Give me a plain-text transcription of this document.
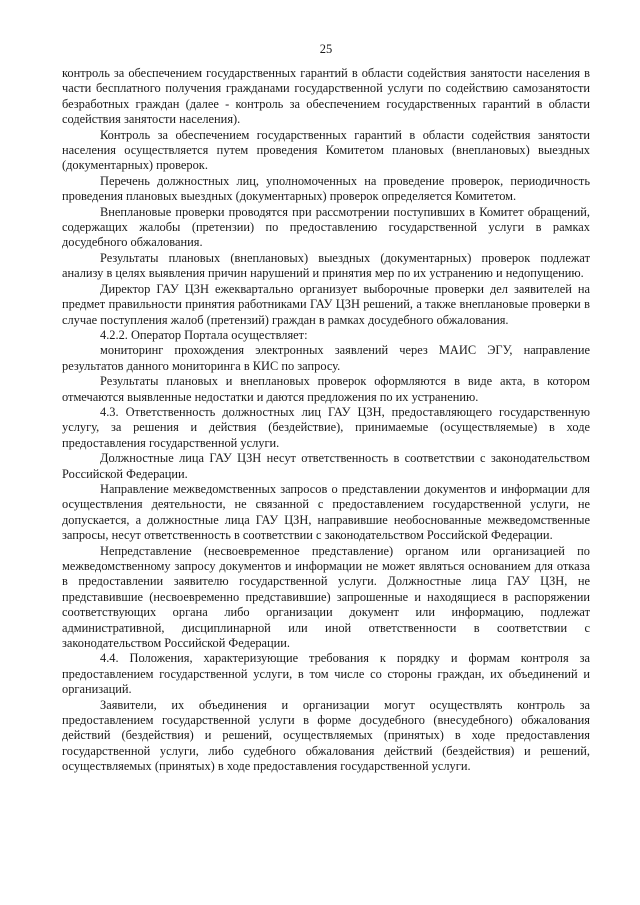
25

контроль за обеспечением государственных гарантий в области содействия занятости населения в части бесплатного получения гражданами государственной услуги по содействию самозанятости безработных граждан (далее - контроль за обеспечением государственных гарантий в области содействия занятости населения).

Контроль за обеспечением государственных гарантий в области содействия занятости населения осуществляется путем проведения Комитетом плановых (внеплановых) выездных (документарных) проверок.

Перечень должностных лиц, уполномоченных на проведение проверок, периодичность проведения плановых выездных (документарных) проверок определяется Комитетом.

Внеплановые проверки проводятся при рассмотрении поступивших в Комитет обращений, содержащих жалобы (претензии) по предоставлению государственной услуги в рамках досудебного обжалования.

Результаты плановых (внеплановых) выездных (документарных) проверок подлежат анализу в целях выявления причин нарушений и принятия мер по их устранению и недопущению.

Директор ГАУ ЦЗН ежеквартально организует выборочные проверки дел заявителей на предмет правильности принятия работниками ГАУ ЦЗН решений, а также внеплановые проверки в случае поступления жалоб (претензий) граждан в рамках досудебного обжалования.

4.2.2. Оператор Портала осуществляет:

мониторинг прохождения электронных заявлений через МАИС ЭГУ, направление результатов данного мониторинга в КИС по запросу.

Результаты плановых и внеплановых проверок оформляются в виде акта, в котором отмечаются выявленные недостатки и даются предложения по их устранению.

4.3. Ответственность должностных лиц ГАУ ЦЗН, предоставляющего государственную услугу, за решения и действия (бездействие), принимаемые (осуществляемые) в ходе предоставления государственной услуги.

Должностные лица ГАУ ЦЗН несут ответственность в соответствии с законодательством Российской Федерации.

Направление межведомственных запросов о представлении документов и информации для осуществления деятельности, не связанной с предоставлением государственной услуги, не допускается, а должностные лица ГАУ ЦЗН, направившие необоснованные межведомственные запросы, несут ответственность в соответствии с законодательством Российской Федерации.

Непредставление (несвоевременное представление) органом или организацией по межведомственному запросу документов и информации не может являться основанием для отказа в предоставлении заявителю государственной услуги. Должностные лица ГАУ ЦЗН, не представившие (несвоевременно представившие) запрошенные и находящиеся в распоряжении соответствующих органа либо организации документ или информацию, подлежат административной, дисциплинарной или иной ответственности в соответствии с законодательством Российской Федерации.

4.4. Положения, характеризующие требования к порядку и формам контроля за предоставлением государственной услуги, в том числе со стороны граждан, их объединений и организаций.

Заявители, их объединения и организации могут осуществлять контроль за предоставлением государственной услуги в форме досудебного (внесудебного) обжалования действий (бездействия) и решений, осуществляемых (принятых) в ходе предоставления государственной услуги, либо судебного обжалования действий (бездействия) и решений, осуществляемых (принятых) в ходе предоставления государственной услуги.
